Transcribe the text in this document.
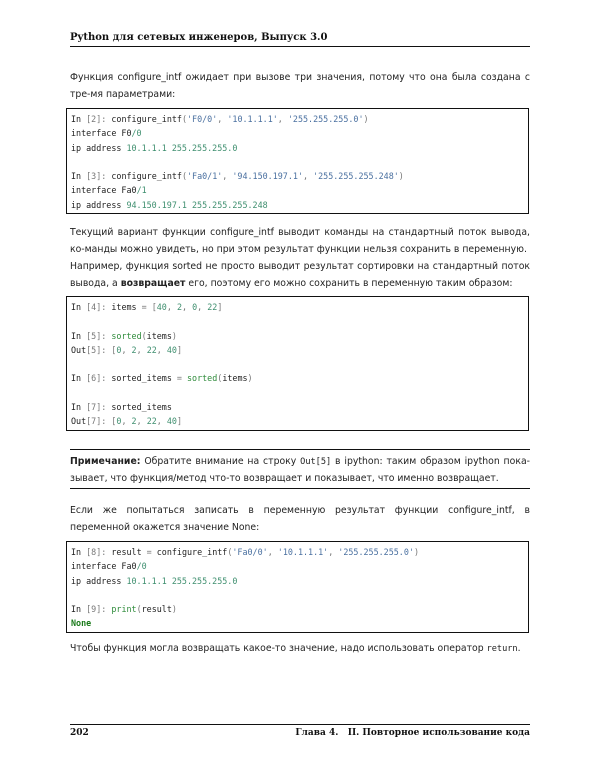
Python для сетевых инженеров, Выпуск 3.0
Функция configure_intf ожидает при вызове три значения, потому что она была создана с тре-мя параметрами:
In [2]: configure_intf('F0/0', '10.1.1.1', '255.255.255.0')
interface F0/0
ip address 10.1.1.1 255.255.255.0
In [3]: configure_intf('Fa0/1', '94.150.197.1', '255.255.255.248')
interface Fa0/1
ip address 94.150.197.1 255.255.255.248
Текущий вариант функции configure_intf выводит команды на стандартный поток вывода, ко-манды можно увидеть, но при этом результат функции нельзя сохранить в переменную.
Например, функция sorted не просто выводит результат сортировки на стандартный поток вывода, а возвращает его, поэтому его можно сохранить в переменную таким образом:
In [4]: items = [40, 2, 0, 22]
In [5]: sorted(items)
Out[5]: [0, 2, 22, 40]
In [6]: sorted_items = sorted(items)
In [7]: sorted_items
Out[7]: [0, 2, 22, 40]
Примечание: Обратите внимание на строку Out[5] в ipython: таким образом ipython пока-зывает, что функция/метод что-то возвращает и показывает, что именно возвращает.
Если же попытаться записать в переменную результат функции configure_intf, в переменной окажется значение None:
In [8]: result = configure_intf('Fa0/0', '10.1.1.1', '255.255.255.0')
interface Fa0/0
ip address 10.1.1.1 255.255.255.0
In [9]: print(result)
None
Чтобы функция могла возвращать какое-то значение, надо использовать оператор return.
202	Глава 4.   II. Повторное использование кода
